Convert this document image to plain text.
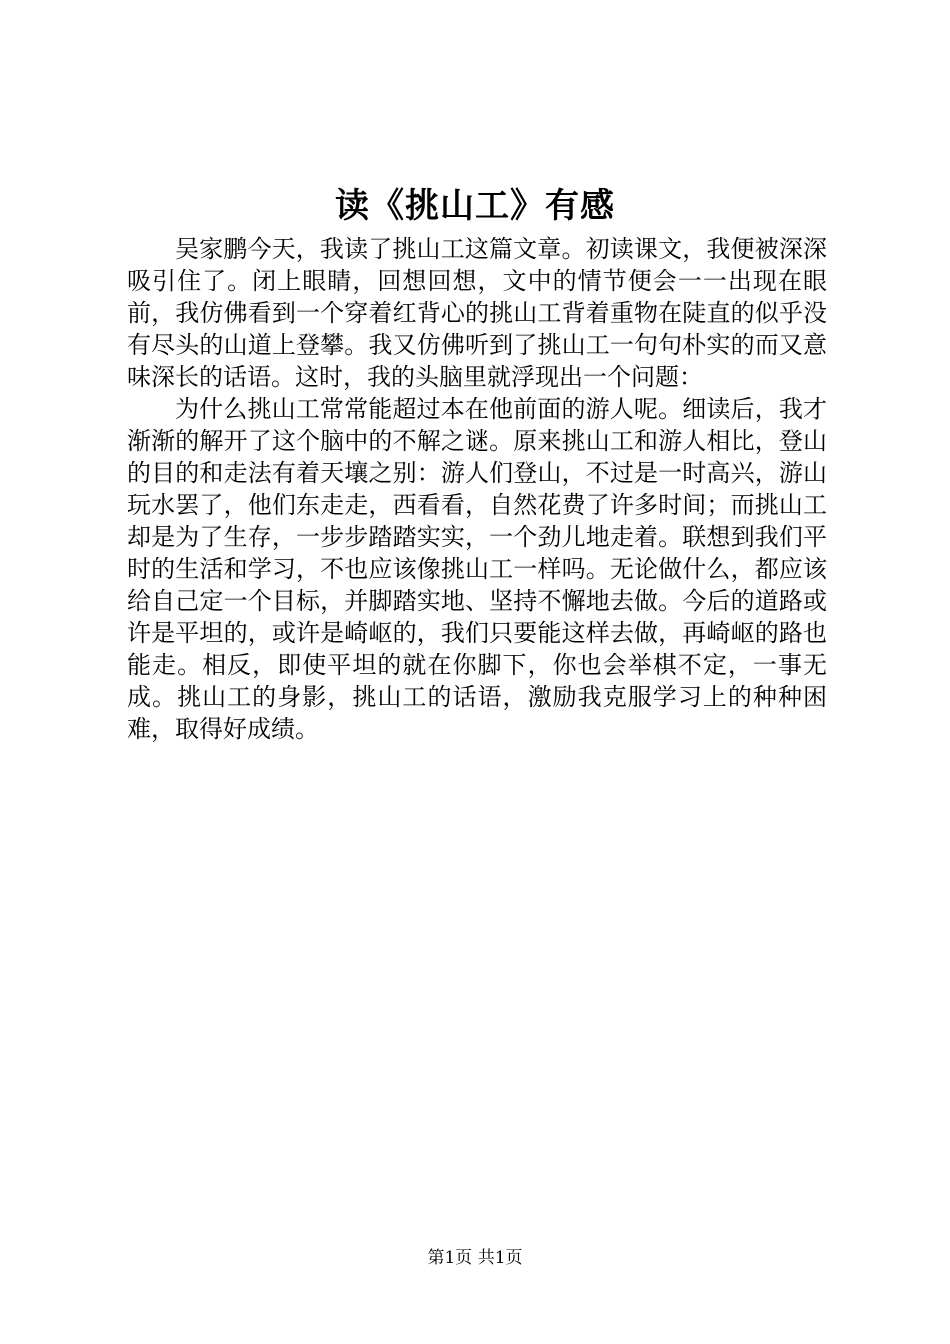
读《挑山工》有感

吴家鹏今天，我读了挑山工这篇文章。初读课文，我便被深深吸引住了。闭上眼睛，回想回想，文中的情节便会一一出现在眼前，我仿佛看到一个穿着红背心的挑山工背着重物在陡直的似乎没有尽头的山道上登攀。我又仿佛听到了挑山工一句句朴实的而又意味深长的话语。这时，我的头脑里就浮现出一个问题：

为什么挑山工常常能超过本在他前面的游人呢。细读后，我才渐渐的解开了这个脑中的不解之谜。原来挑山工和游人相比，登山的目的和走法有着天壤之别：游人们登山，不过是一时高兴，游山玩水罢了，他们东走走，西看看，自然花费了许多时间；而挑山工却是为了生存，一步步踏踏实实，一个劲儿地走着。联想到我们平时的生活和学习，不也应该像挑山工一样吗。无论做什么，都应该给自己定一个目标，并脚踏实地、坚持不懈地去做。今后的道路或许是平坦的，或许是崎岖的，我们只要能这样去做，再崎岖的路也能走。相反，即使平坦的就在你脚下，你也会举棋不定，一事无成。挑山工的身影，挑山工的话语，激励我克服学习上的种种困难，取得好成绩。

第1页 共1页
